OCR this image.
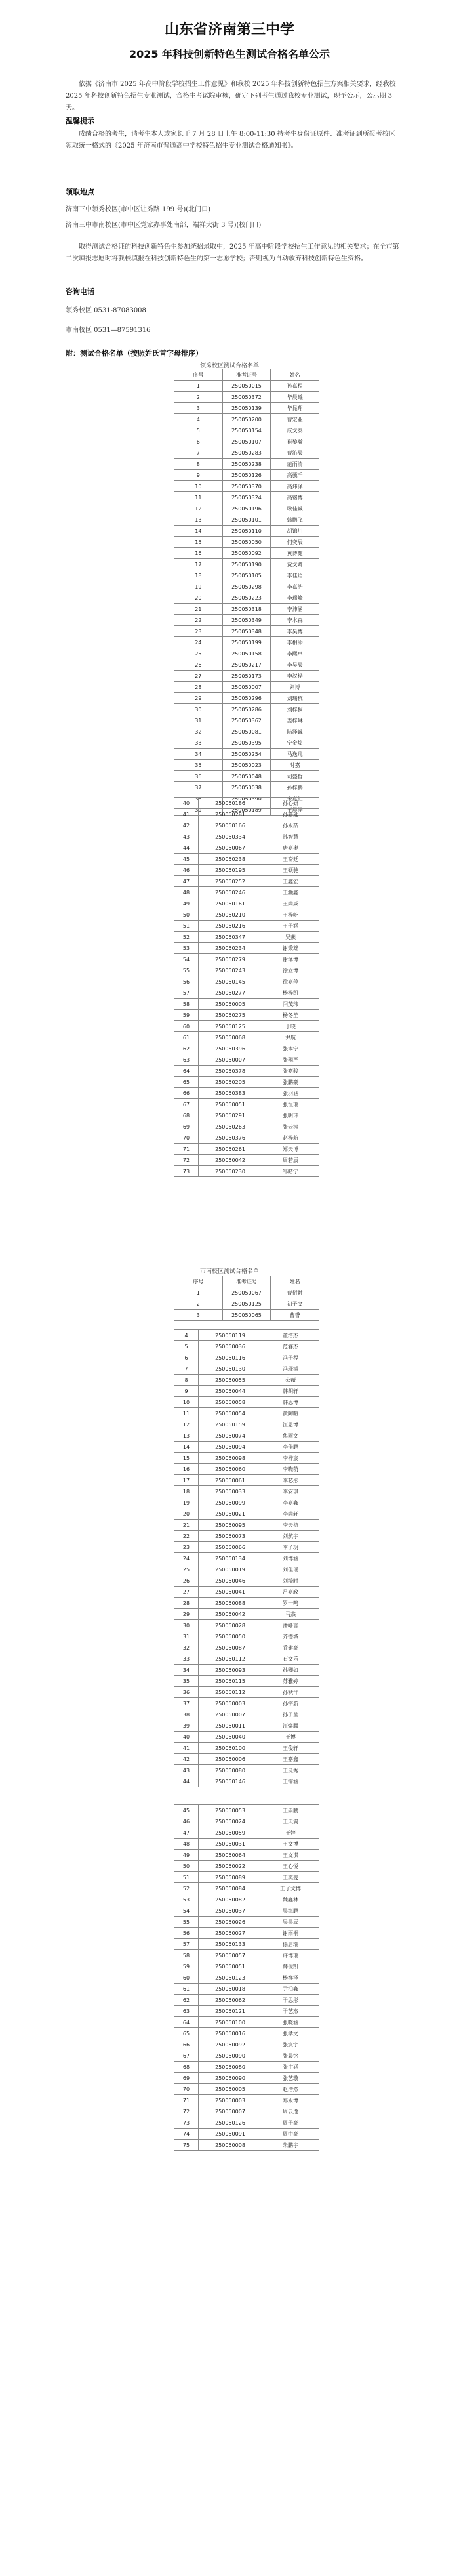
山东省济南第三中学
2025 年科技创新特色生测试合格名单公示
依据《济南市 2025 年高中阶段学校招生工作意见》和我校 2025 年科技创新特色招生方案相关要求，经我校 2025 年科技创新特色招生专业测试，合格生考试院审核，确定下列考生通过我校专业测试，现予公示，公示期 3 天。
温馨提示
成绩合格的考生，请考生本人或家长于 7 月 28 日上午 8:00-11:30 持考生身份证原件、准考证到所报考校区领取统一格式的《2025 年济南市普通高中学校特色招生专业测试合格通知书》。
领取地点
济南三中领秀校区(市中区让秀路 199 号)(北门口)
济南三中市南校区(市中区党家办事处南部，端祥大街 3 号)(校门口)
取得测试合格证的科技创新特色生参加统招录取中，2025 年高中阶段学校招生工作意见的相关要求；在全市第二次填报志愿时将我校填报在科技创新特色生的第一志愿学校；否则视为自动放弃科技创新特色生资格。
咨询电话
领秀校区 0531-87083008
市南校区 0531—87591316
附：测试合格名单（按照姓氏首字母排序）
领秀校区测试合格名单
序号	准考证号	姓名
1	250050015	孙嘉程
2	250050372	毕晨曦
3	250050139	毕昆翔
4	250050200	曹宏业
5	250050154	成文泰
6	250050107	崔黎瀚
7	250050283	曹沁辰
8	250050238	范雨清
9	250050126	高骥千
10	250050370	高炜泽
11	250050324	高铭博
12	250050196	耿佳诚
13	250050101	韩鹏飞
14	250050110	胡锦川
15	250050050	何奕辰
16	250050092	黄博健
17	250050190	贾文卿
18	250050105	李佳语
19	250050298	李嘉浩
20	250050223	李瑞峰
21	250050318	李沛涵
22	250050349	李木森
23	250050348	李昊博
24	250050199	李相添
25	250050158	李熙卓
26	250050217	李昊辰
27	250050173	李汉桦
28	250050007	刘博
29	250050296	刘瑞杭
30	250050286	刘梓桐
31	250050362	姜梓琳
32	250050081	陆泽诚
33	250050395	宁金煌
34	250050254	马逸凡
35	250050023	时嘉
36	250050048	司盛哲
37	250050038	孙梓鹏
38	250050390	宋嘉汇
39	250050189	王晨泽
40	250050186	孙心妍
41	250050281	孙嘉延
42	250050166	孙永喆
43	250050334	孙智慧
44	250050067	唐嘉奥
45	250050238	王裔廷
46	250050195	王硕驰
47	250050252	王鑫宏
48	250050246	王灏鑫
49	250050161	王尚威
50	250050210	王梓屹
51	250050216	王子涵
52	250050347	吴燕
53	250050234	谢秉雄
54	250050279	谢泽博
55	250050243	徐立博
56	250050145	徐嘉萍
57	250050277	杨梓凯
58	250050005	闫茂玮
59	250050275	杨冬笙
60	250050125	于晓
61	250050068	尹航
62	250050396	张本宁
63	250050007	张翔严
64	250050378	张嘉骏
65	250050205	张鹏豪
66	250050383	张羽涵
67	250050051	张恒瑞
68	250050291	张明玮
69	250050263	张云涛
70	250050376	赵梓航
71	250050261	郑天博
72	250050042	周若辰
73	250050230	邹皓宁
市南校区测试合格名单
序号	准考证号	姓名
1	250050067	曹衍翀
2	250050125	初子文
3	250050065	曹誉
4	250050119	董浩杰
5	250050036	范睿杰
6	250050116	冯子程
7	250050130	冯璟浦
8	250050055	公薇
9	250050044	韩胡轩
10	250050058	韩思博
11	250050054	黄陶暄
12	250050159	江思博
13	250050074	焦雨文
14	250050094	李佳鹏
15	250050098	李梓宸
16	250050060	李晓萌
17	250050061	李芯彤
18	250050033	李安琪
19	250050099	李嘉鑫
20	250050021	李尚轩
21	250050095	李天杭
22	250050073	刘航宇
23	250050066	李子玥
24	250050134	刘博涵
25	250050019	刘佳瑶
26	250050046	刘漪时
27	250050041	吕嘉政
28	250050088	罗一鸣
29	250050042	马杰
30	250050028	潘峥言
31	250050050	齐德城
32	250050087	乔建豪
33	250050112	石文乐
34	250050093	孙卿如
35	250050115	苏雅婷
36	250050112	孙秋洋
37	250050003	孙宇航
38	250050007	孙子莹
39	250050011	汪焕腾
40	250050040	王博
41	250050100	王俊轩
42	250050006	王嘉鑫
43	250050080	王灵秀
44	250050146	王霈涵
45	250050053	王崇鹏
46	250050024	王天翼
47	250050059	王婷
48	250050031	王文博
49	250050064	王文淇
50	250050022	王心悦
51	250050089	王奕斐
52	250050084	王子文博
53	250050082	魏鑫林
54	250050037	吴海鹏
55	250050026	吴昊辰
56	250050027	谢雨桐
57	250050133	徐启瑞
58	250050057	许博瑞
59	250050051	薛俊凯
60	250050123	杨祥泽
61	250050018	尹泊鑫
62	250050062	于思彤
63	250050121	于艺杰
64	250050100	张晓涵
65	250050016	张孝文
66	250050092	张宸宇
67	250050090	张晨铭
68	250050080	张宇涵
69	250050090	张艺璇
70	250050005	赵浩然
71	250050003	郑永博
72	250050007	周云逸
73	250050126	周子豪
74	250050091	周中豪
75	250050008	朱鹏宇
